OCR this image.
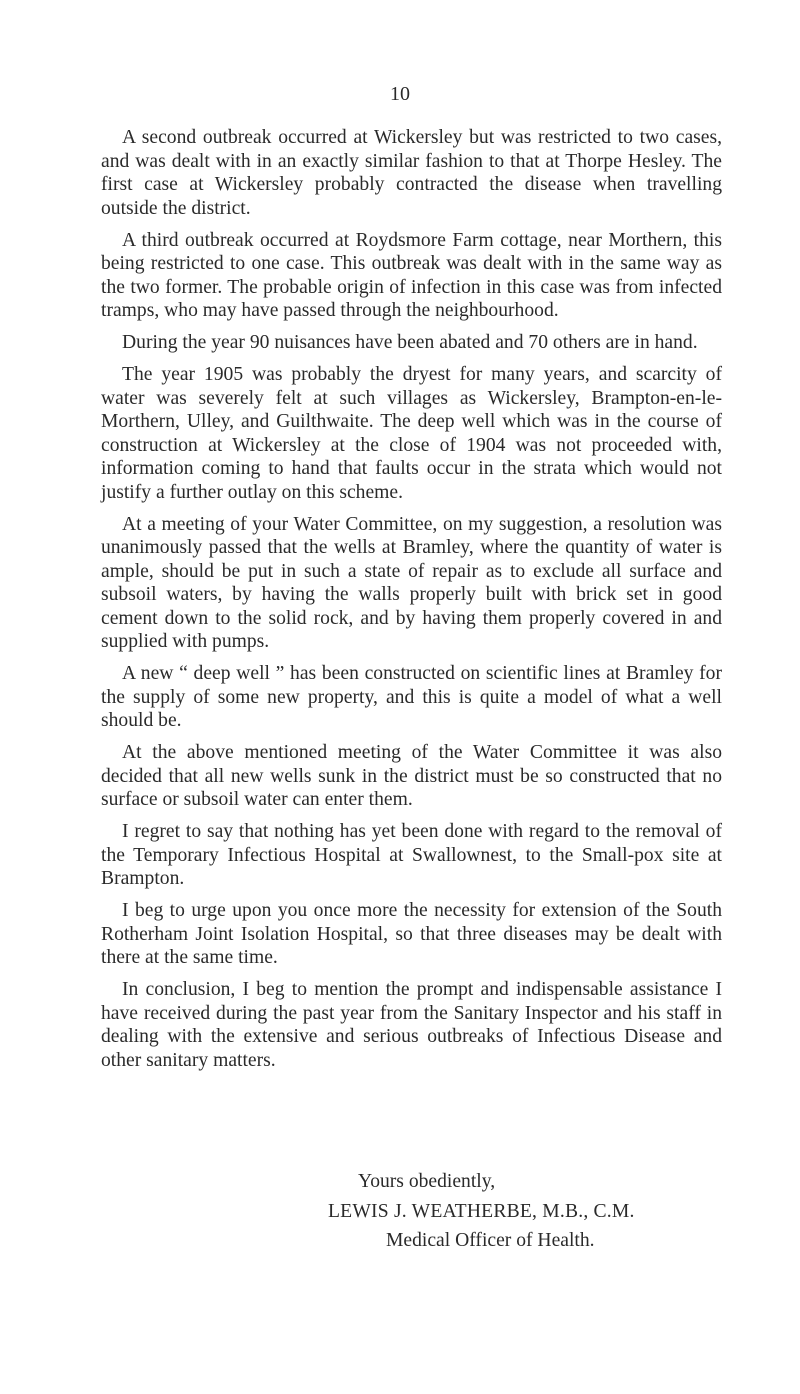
10

A second outbreak occurred at Wickersley but was restricted to two cases, and was dealt with in an exactly similar fashion to that at Thorpe Hesley. The first case at Wickersley probably contracted the disease when travelling outside the district.

A third outbreak occurred at Roydsmore Farm cottage, near Morthern, this being restricted to one case. This outbreak was dealt with in the same way as the two former. The probable origin of infection in this case was from infected tramps, who may have passed through the neighbourhood.

During the year 90 nuisances have been abated and 70 others are in hand.

The year 1905 was probably the dryest for many years, and scarcity of water was severely felt at such villages as Wickersley, Brampton-en-le-Morthern, Ulley, and Guilthwaite. The deep well which was in the course of construction at Wickersley at the close of 1904 was not proceeded with, information coming to hand that faults occur in the strata which would not justify a further outlay on this scheme.

At a meeting of your Water Committee, on my suggestion, a resolution was unanimously passed that the wells at Bramley, where the quantity of water is ample, should be put in such a state of repair as to exclude all surface and subsoil waters, by having the walls properly built with brick set in good cement down to the solid rock, and by having them properly covered in and supplied with pumps.

A new “ deep well ” has been constructed on scientific lines at Bramley for the supply of some new property, and this is quite a model of what a well should be.

At the above mentioned meeting of the Water Committee it was also decided that all new wells sunk in the district must be so constructed that no surface or subsoil water can enter them.

I regret to say that nothing has yet been done with regard to the removal of the Temporary Infectious Hospital at Swallownest, to the Small-pox site at Brampton.

I beg to urge upon you once more the necessity for extension of the South Rotherham Joint Isolation Hospital, so that three diseases may be dealt with there at the same time.

In conclusion, I beg to mention the prompt and indispensable assistance I have received during the past year from the Sanitary Inspector and his staff in dealing with the extensive and serious outbreaks of Infectious Disease and other sanitary matters.

Yours obediently,
LEWIS J. WEATHERBE, M.B., C.M.
Medical Officer of Health.
